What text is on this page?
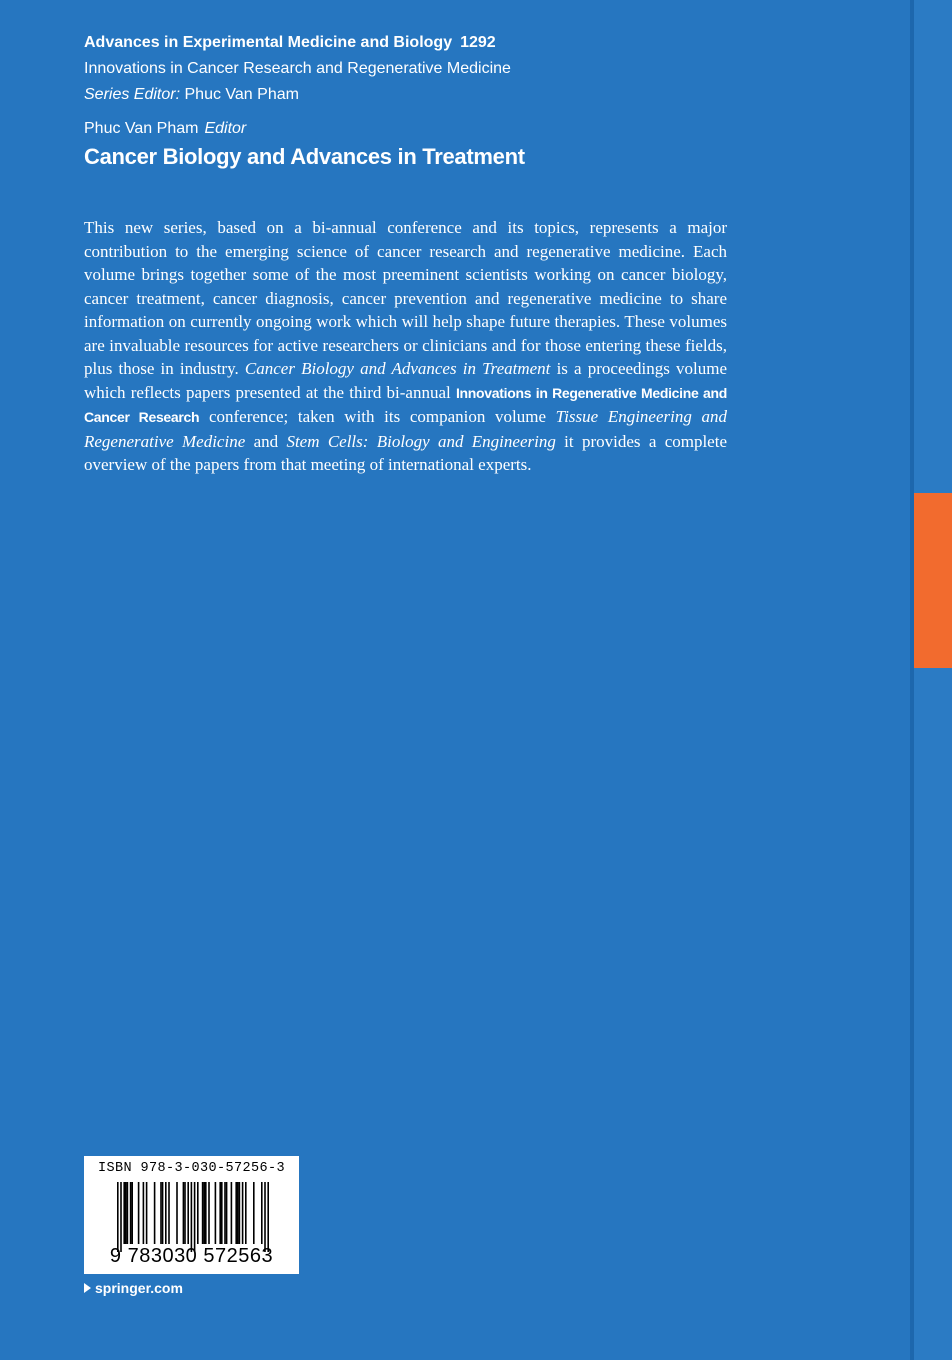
Advances in Experimental Medicine and Biology 1292
Innovations in Cancer Research and Regenerative Medicine
Series Editor: Phuc Van Pham
Phuc Van Pham Editor
Cancer Biology and Advances in Treatment
This new series, based on a bi-annual conference and its topics, represents a major contribution to the emerging science of cancer research and regenerative medicine. Each volume brings together some of the most preeminent scientists working on cancer biology, cancer treatment, cancer diagnosis, cancer prevention and regenerative medicine to share information on currently ongoing work which will help shape future therapies. These volumes are invaluable resources for active researchers or clinicians and for those entering these fields, plus those in industry. Cancer Biology and Advances in Treatment is a proceedings volume which reflects papers presented at the third bi-annual Innovations in Regenerative Medicine and Cancer Research conference; taken with its companion volume Tissue Engineering and Regenerative Medicine and Stem Cells: Biology and Engineering it provides a complete overview of the papers from that meeting of international experts.
ISBN 978-3-030-57256-3
9 783030 572563
springer.com
